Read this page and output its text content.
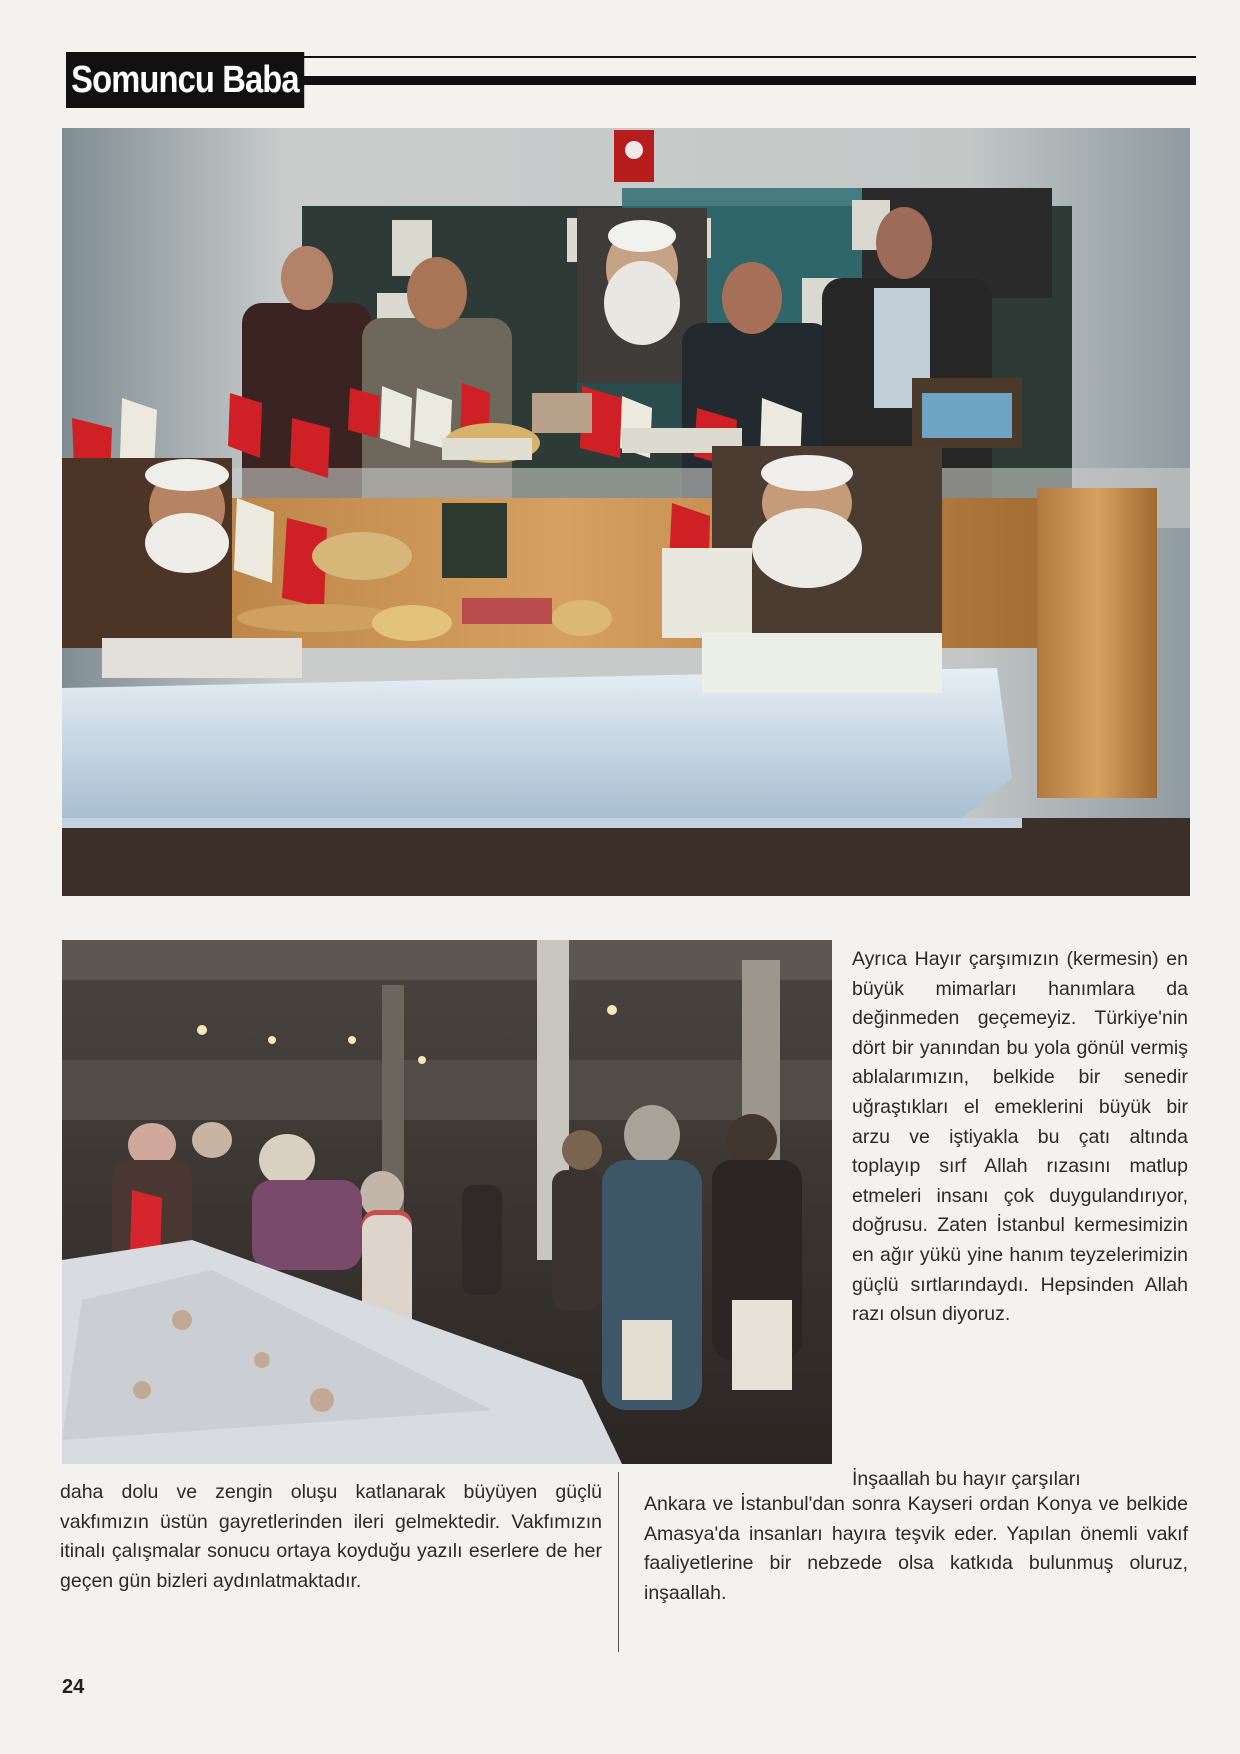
Somuncu Baba

Ayrıca Hayır çarşımızın (kermesin) en büyük mimarları hanımlara da değinmeden geçemeyiz. Türkiye'nin dört bir yanından bu yola gönül vermiş ablalarımızın, belkide bir senedir uğraştıkları el emeklerini büyük bir arzu ve iştiyakla bu çatı altında toplayıp sırf Allah rızasını matlup etmeleri insanı çok duygulandırıyor, doğrusu. Zaten İstanbul kermesimizin en ağır yükü yine hanım teyzelerimizin güçlü sırtlarındaydı. Hepsinden Allah razı olsun diyoruz.

İnşaallah bu hayır çarşıları

daha dolu ve zengin oluşu katlanarak büyüyen güçlü vakfımızın üstün gayretlerinden ileri gelmektedir. Vakfımızın itinalı çalışmalar sonucu ortaya koyduğu yazılı eserlere de her geçen gün bizleri aydınlatmaktadır.

Ankara ve İstanbul'dan sonra Kayseri ordan Konya ve belkide Amasya'da insanları hayıra teşvik eder. Yapılan önemli vakıf faaliyetlerine bir nebzede olsa katkıda bulunmuş oluruz, inşaallah.

24
